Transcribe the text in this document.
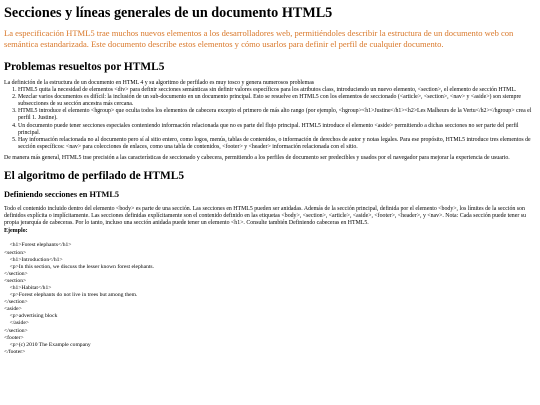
Secciones y líneas generales de un documento HTML5

La especificación HTML5 trae muchos nuevos elementos a los desarrolladores web, permitiéndoles describir la estructura de un documento web con semántica estandarizada. Este documento describe estos elementos y cómo usarlos para definir el perfil de cualquier documento.

Problemas resueltos por HTML5

La definición de la estructura de un documento en HTML 4 y su algoritmo de perfilado es muy tosco y genera numerosos problemas

1. HTML5 quita la necesidad de elementos <div> para definir secciones semánticas sin definir valores específicos para los atributos class, introduciendo un nuevo elemento, <section>, el elemento de sección HTML.
2. Mezclar varios documentos es difícil: la inclusión de un sub-documento en un documento principal. Esto se resuelve en HTML5 con los elementos de seccionado (<article>, <section>, <nav> y <aside>) son siempre subsecciones de su sección ancestra más cercana.
3. HTML5 introduce el elemento <hgroup> que oculta todos los elementos de cabecera excepto el primero de más alto rango (por ejemplo, <hgroup><h1>Justine</h1><h2>Les Malheurs de la Vertu</h2></hgroup> crea el perfil 1. Justine).
4. Un documento puede tener secciones especiales conteniendo información relacionada que no es parte del flujo principal. HTML5 introduce el elemento <aside> permitiendo a dichas secciones no ser parte del perfil principal.
5. Hay información relacionada no al documento pero sí al sitio entero, como logos, menús, tablas de contenidos, o información de derechos de autor y notas legales. Para ese propósito, HTML5 introduce tres elementos de sección específicos: <nav> para colecciones de enlaces, como una tabla de contenidos, <footer> y <header> información relacionada con el sitio.

De manera más general, HTML5 trae precisión a las características de seccionado y cabecera, permitiendo a los perfiles de documento ser predecibles y usados por el navegador para mejorar la experiencia de usuario.

El algoritmo de perfilado de HTML5
Definiendo secciones en HTML5

Todo el contenido incluido dentro del elemento <body> es parte de una sección. Las secciones en HTML5 pueden ser anidadas. Además de la sección principal, definida por el elemento <body>, los límites de la sección son definidos explícita o implícitamente. Las secciones definidas explícitamente son el contenido definido en las etiquetas <body>, <section>, <article>, <aside>, <footer>, <header>, y <nav>. Nota: Cada sección puede tener su propia jerarquía de cabeceras. Por lo tanto, incluso una sección anidada puede tener un elemento <h1>. Consulte también Definiendo cabeceras en HTML5.

Ejemplo:

<h1>Forest elephants</h1>
<section>
<h1>Introduction</h1>
<p>In this section, we discuss the lesser known forest elephants.
</section>
<section>
<h1>Habitat</h1>
<p>Forest elephants do not live in trees but among them.
</section>
<aside>
<p>advertising block
</aside>
</section>
<footer>
<p>(c) 2010 The Example company
</footer>
